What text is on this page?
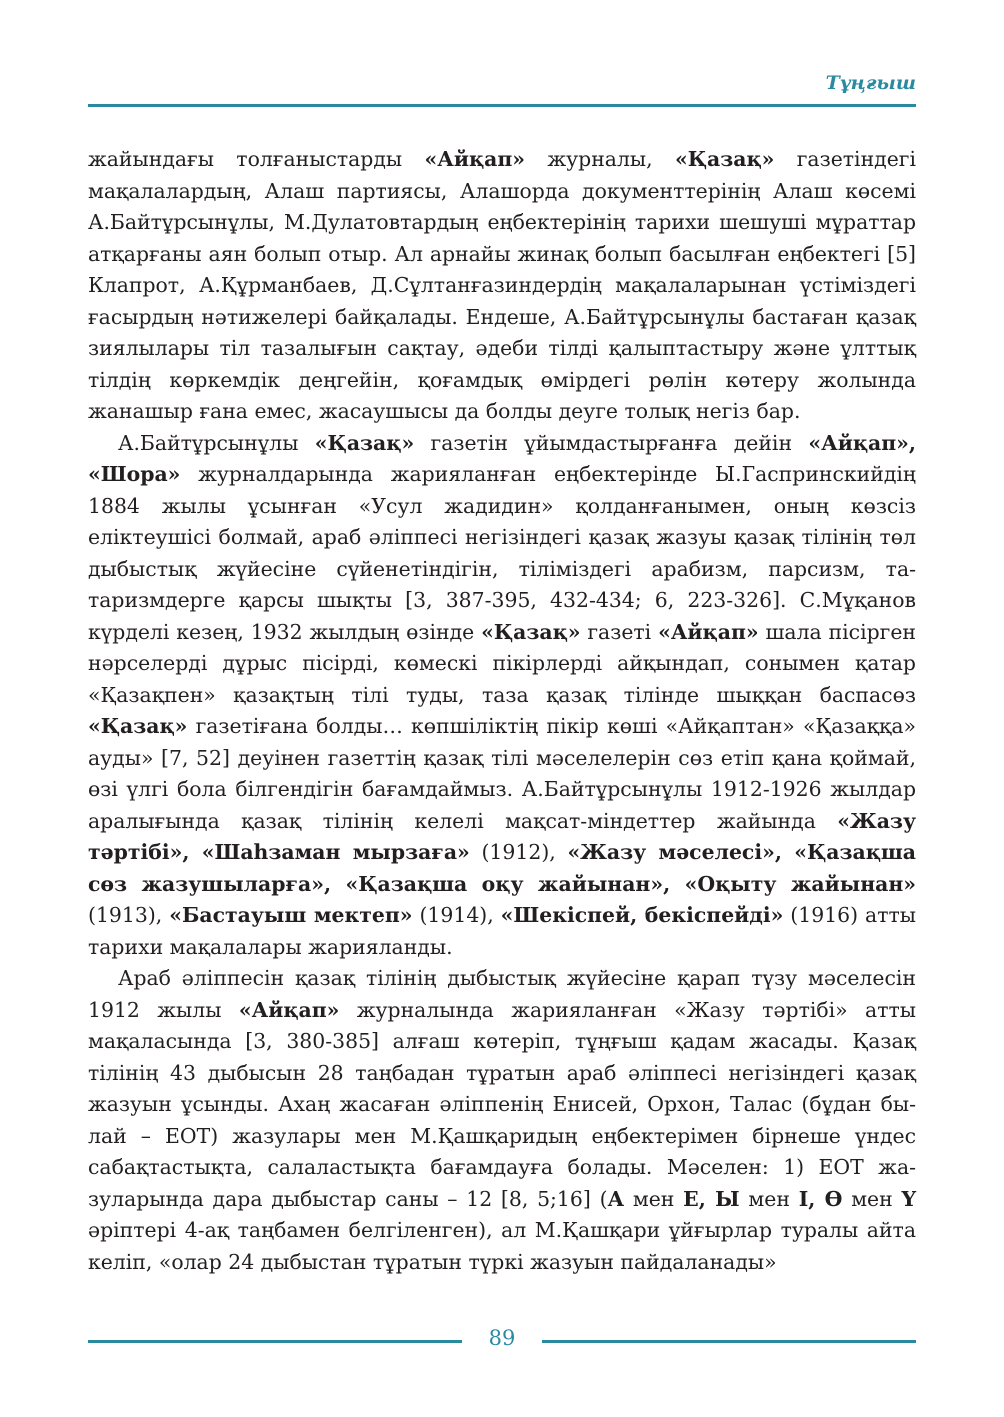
Тұңғыш

жайындағы толғаныстарды «Айқап» журналы, «Қазақ» газетіндегі мақалалардың, Алаш партиясы, Алашорда документтерінің Алаш көсемі А.Байтұрсынұлы, М.Дулатовтардың еңбектерінің тарихи шешуші мұраттар атқарғаны аян болып отыр. Ал арнайы жинақ болып басылған еңбектегі [5] Клапрот, А.Құрманбаев, Д.Сұлтанғазиндердің мақалаларынан үстіміздегі ғасырдың нәтижелері байқалады. Ендеше, А.Байтұрсынұлы бастаған қазақ зиялылары тіл тазалығын сақтау, әдеби тілді қалыптастыру және ұлттық тілдің көркемдік деңгейін, қоғамдық өмірдегі рөлін көтеру жолында жанашыр ғана емес, жасаушысы да болды деуге толық негіз бар.

А.Байтұрсынұлы «Қазақ» газетін ұйымдастырғанға дейін «Айқап», «Шора» журналдарында жарияланған еңбектерінде Ы.Гаспринскийдің 1884 жылы ұсынған «Усул жадидин» қолданғанымен, оның көзсіз еліктеушісі болмай, араб әліппесі негізіндегі қазақ жазуы қазақ тілінің төл дыбыстық жүйесіне сүйенетіндігін, тіліміздегі арабизм, парсизм, татаризмдерге қарсы шықты [3, 387-395, 432-434; 6, 223-326]. С.Мұқанов күрделі кезең, 1932 жылдың өзінде «Қазақ» газеті «Айқап» шала пісірген нәрселерді дұрыс пісірді, көмескі пікірлерді айқындап, сонымен қатар «Қазақпен» қазақтың тілі туды, таза қазақ тілінде шыққан баспасөз «Қазақ» газетіғана болды… көпшіліктің пікір көші «Айқаптан» «Қазаққа» ауды» [7, 52] деуінен газеттің қазақ тілі мәселелерін сөз етіп қана қоймай, өзі үлгі бола білгендігін бағамдаймыз. А.Байтұрсынұлы 1912-1926 жылдар аралығында қазақ тілінің келелі мақсат-міндеттер жайында «Жазу тәртібі», «Шаһзаман мырзаға» (1912), «Жазу мәселесі», «Қазақша сөз жазушыларға», «Қазақша оқу жайынан», «Оқыту жайынан» (1913), «Бастауыш мектеп» (1914), «Шекіспей, бекіспейді» (1916) атты тарихи мақалалары жарияланды.

Араб әліппесін қазақ тілінің дыбыстық жүйесіне қарап түзу мәселесін 1912 жылы «Айқап» журналында жарияланған «Жазу тәртібі» атты мақаласында [3, 380-385] алғаш көтеріп, тұңғыш қадам жасады. Қазақ тілінің 43 дыбысын 28 таңбадан тұратын араб әліппесі негізіндегі қазақ жазуын ұсынды. Ахаң жасаған әліппенің Енисей, Орхон, Талас (бұдан былай – ЕОТ) жазулары мен М.Қашқаридың еңбектерімен бірнеше үндес сабақтастықта, салаластықта бағамдауға болады. Мәселен: 1) ЕОТ жазуларында дара дыбыстар саны – 12 [8, 5;16] (А мен Е, Ы мен І, Ө мен Ү әріптері 4-ақ таңбамен белгіленген), ал М.Қашқари ұйғырлар туралы айта келіп, «олар 24 дыбыстан тұратын түркі жазуын пайдаланады»

89
